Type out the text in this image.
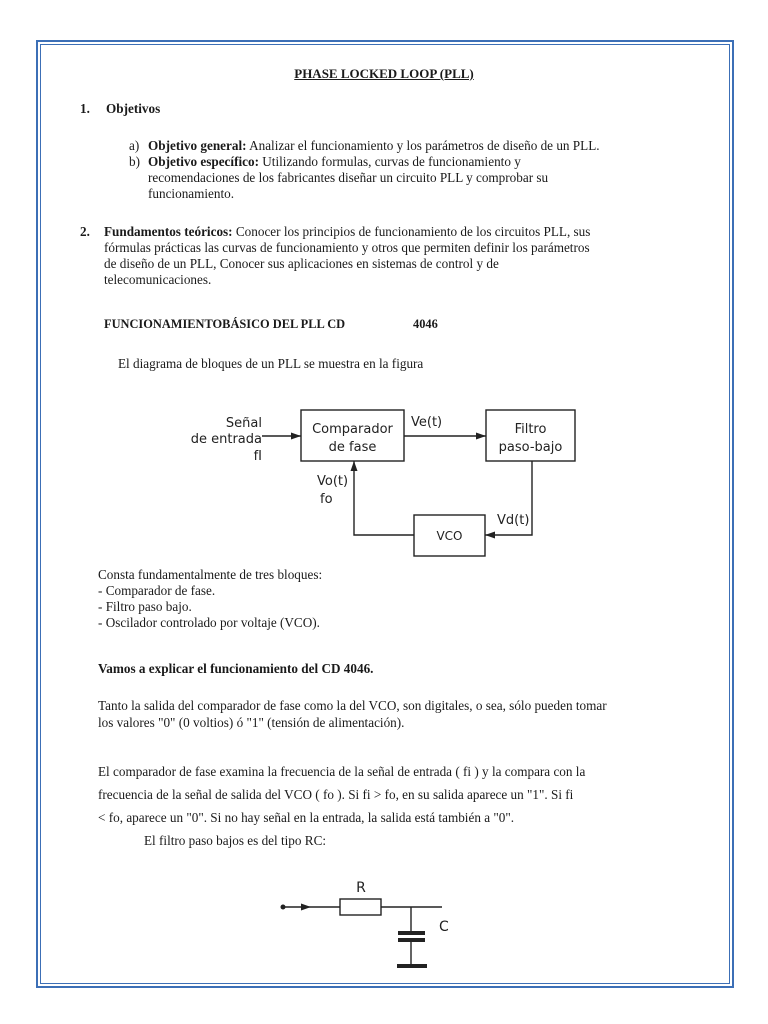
PHASE LOCKED LOOP (PLL)
1. Objetivos
a) Objetivo general: Analizar el funcionamiento y los parámetros de diseño de un PLL.
b) Objetivo específico: Utilizando formulas, curvas de funcionamiento y
recomendaciones de los fabricantes diseñar un circuito PLL y comprobar su
funcionamiento.
2. Fundamentos teóricos: Conocer los principios de funcionamiento de los circuitos PLL, sus
fórmulas prácticas las curvas de funcionamiento y otros que permiten definir los parámetros
de diseño de un PLL, Conocer sus aplicaciones en sistemas de control y de
telecomunicaciones.
FUNCIONAMIENTOBÁSICO DEL PLL CD	4046
El diagrama de bloques de un PLL se muestra en la figura
Señal
de entrada
fI
Comparador
de fase
Ve(t)	Filtro
paso-bajo
Vo(t)
fo
Vd(t)
VCO
Consta fundamentalmente de tres bloques:
- Comparador de fase.
- Filtro paso bajo.
- Oscilador controlado por voltaje (VCO).
Vamos a explicar el funcionamiento del CD 4046.
Tanto la salida del comparador de fase como la del VCO, son digitales, o sea, sólo pueden tomar
los valores "0" (0 voltios) ó "1" (tensión de alimentación).
El comparador de fase examina la frecuencia de la señal de entrada ( fi ) y la compara con la
frecuencia de la señal de salida del VCO ( fo ). Si fi > fo, en su salida aparece un "1". Si fi
< fo, aparece un "0". Si no hay señal en la entrada, la salida está también a "0".
El filtro paso bajos es del tipo RC:
R
C
